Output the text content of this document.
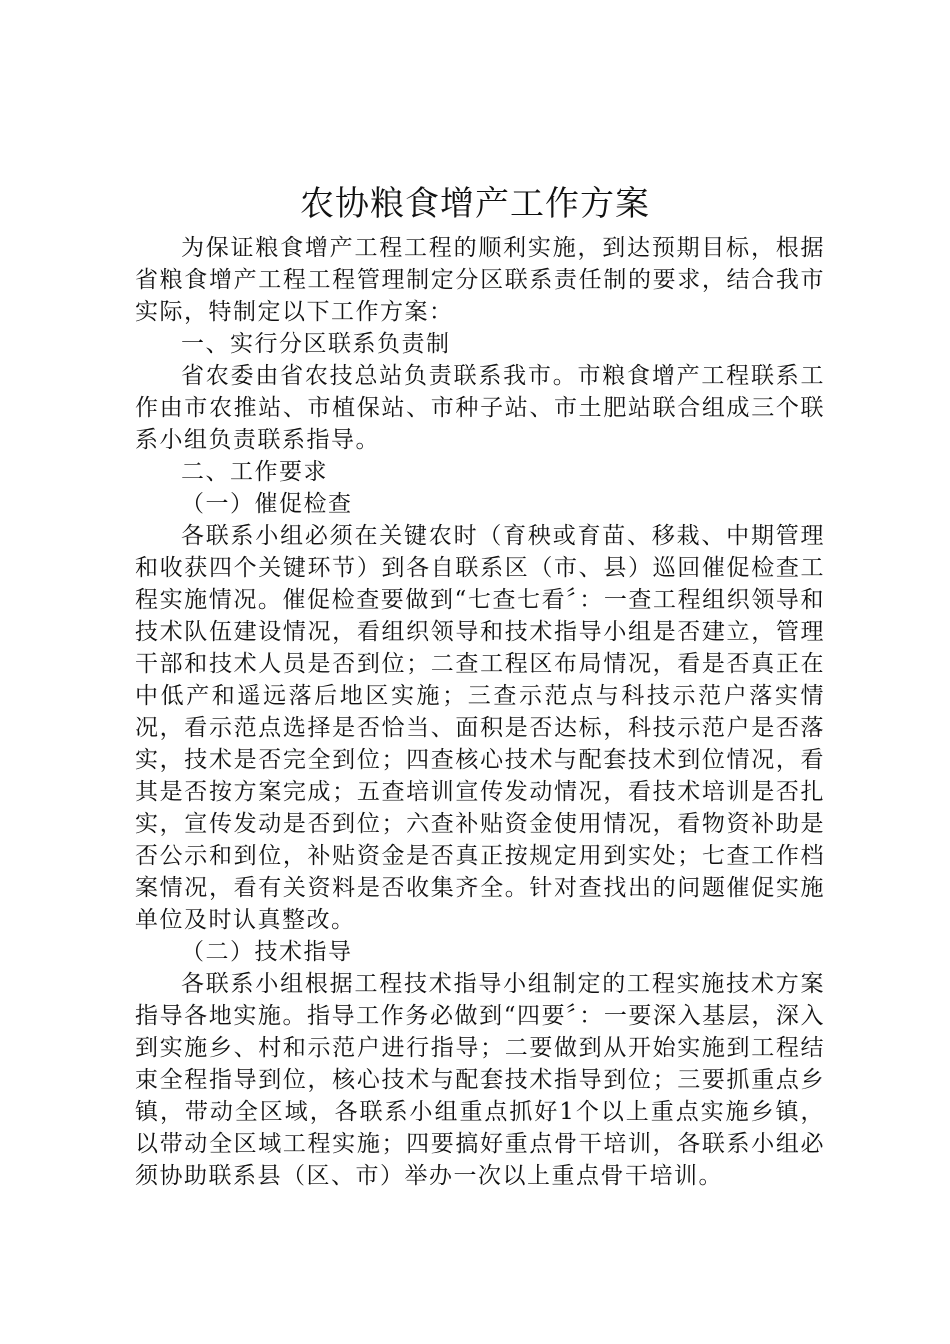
农协粮食增产工作方案

为保证粮食增产工程工程的顺利实施，到达预期目标，根据省粮食增产工程工程管理制定分区联系责任制的要求，结合我市实际，特制定以下工作方案：

一、实行分区联系负责制

省农委由省农技总站负责联系我市。市粮食增产工程联系工作由市农推站、市植保站、市种子站、市土肥站联合组成三个联系小组负责联系指导。

二、工作要求

（一）催促检查

各联系小组必须在关键农时（育秧或育苗、移栽、中期管理和收获四个关键环节）到各自联系区（市、县）巡回催促检查工程实施情况。催促检查要做到“七查七看〞：一查工程组织领导和技术队伍建设情况，看组织领导和技术指导小组是否建立，管理干部和技术人员是否到位；二查工程区布局情况，看是否真正在中低产和遥远落后地区实施；三查示范点与科技示范户落实情况，看示范点选择是否恰当、面积是否达标，科技示范户是否落实，技术是否完全到位；四查核心技术与配套技术到位情况，看其是否按方案完成；五查培训宣传发动情况，看技术培训是否扎实，宣传发动是否到位；六查补贴资金使用情况，看物资补助是否公示和到位，补贴资金是否真正按规定用到实处；七查工作档案情况，看有关资料是否收集齐全。针对查找出的问题催促实施单位及时认真整改。

（二）技术指导

各联系小组根据工程技术指导小组制定的工程实施技术方案指导各地实施。指导工作务必做到“四要〞：一要深入基层，深入到实施乡、村和示范户进行指导；二要做到从开始实施到工程结束全程指导到位，核心技术与配套技术指导到位；三要抓重点乡镇，带动全区域，各联系小组重点抓好1个以上重点实施乡镇，以带动全区域工程实施；四要搞好重点骨干培训，各联系小组必须协助联系县（区、市）举办一次以上重点骨干培训。
